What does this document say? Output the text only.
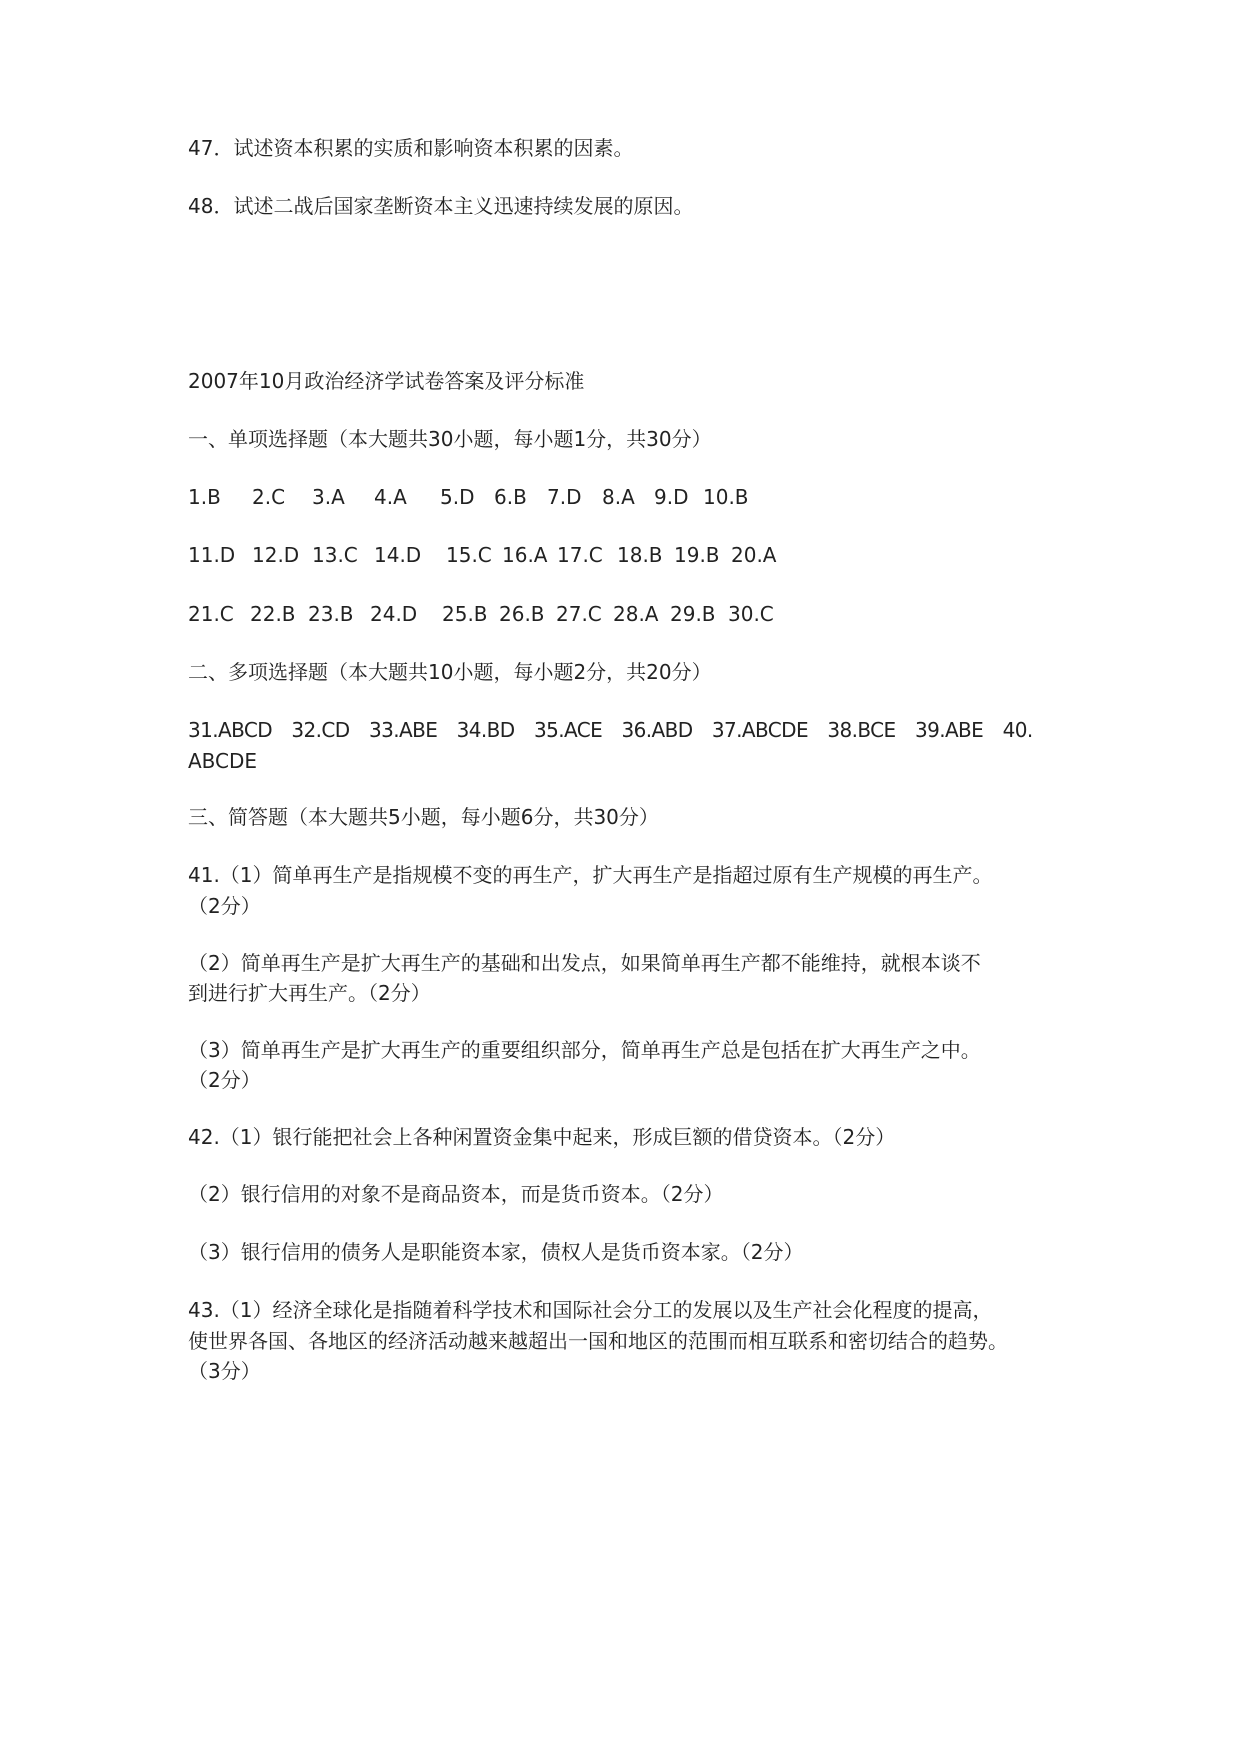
47．试述资本积累的实质和影响资本积累的因素。
48．试述二战后国家垄断资本主义迅速持续发展的原因。
2007年10月政治经济学试卷答案及评分标准
一、单项选择题（本大题共30小题，每小题1分，共30分）
1.B 2.C 3.A 4.A 5.D 6.B 7.D 8.A 9.D 10.B
11.D 12.D 13.C 14.D 15.C 16.A 17.C 18.B 19.B 20.A
21.C 22.B 23.B 24.D 25.B 26.B 27.C 28.A 29.B 30.C
二、多项选择题（本大题共10小题，每小题2分，共20分）
31.ABCD　32.CD　33.ABE　34.BD　35.ACE　36.ABD　37.ABCDE　38.BCE　39.ABE　40.
ABCDE
三、简答题（本大题共5小题，每小题6分，共30分）
41.（1）简单再生产是指规模不变的再生产，扩大再生产是指超过原有生产规模的再生产。
（2分）
（2）简单再生产是扩大再生产的基础和出发点，如果简单再生产都不能维持，就根本谈不
到进行扩大再生产。（2分）
（3）简单再生产是扩大再生产的重要组织部分，简单再生产总是包括在扩大再生产之中。
（2分）
42.（1）银行能把社会上各种闲置资金集中起来，形成巨额的借贷资本。（2分）
（2）银行信用的对象不是商品资本，而是货币资本。（2分）
（3）银行信用的债务人是职能资本家，债权人是货币资本家。（2分）
43.（1）经济全球化是指随着科学技术和国际社会分工的发展以及生产社会化程度的提高，
使世界各国、各地区的经济活动越来越超出一国和地区的范围而相互联系和密切结合的趋势。
（3分）
